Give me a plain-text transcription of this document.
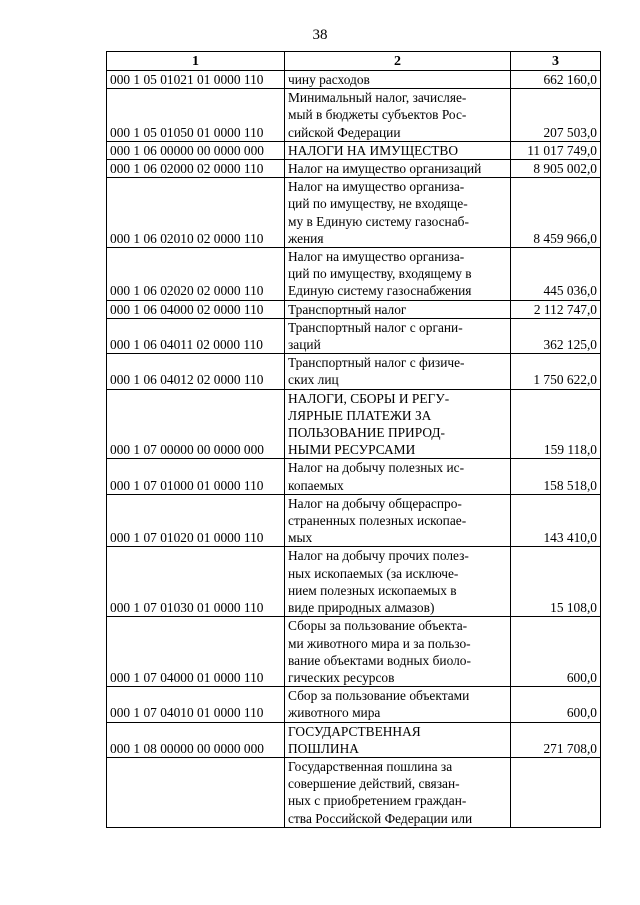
38
1	2	3
000 1 05 01021 01 0000 110	чину расходов	662 160,0
000 1 05 01050 01 0000 110	Минимальный налог, зачисляе-
мый в бюджеты субъектов Рос-
сийской Федерации	207 503,0
000 1 06 00000 00 0000 000	НАЛОГИ НА ИМУЩЕСТВО	11 017 749,0
000 1 06 02000 02 0000 110	Налог на имущество организаций	8 905 002,0
000 1 06 02010 02 0000 110	Налог на имущество организа-
ций по имуществу, не входяще-
му в Единую систему газоснаб-
жения	8 459 966,0
000 1 06 02020 02 0000 110	Налог на имущество организа-
ций по имуществу, входящему в
Единую систему газоснабжения	445 036,0
000 1 06 04000 02 0000 110	Транспортный налог	2 112 747,0
000 1 06 04011 02 0000 110	Транспортный налог с органи-
заций	362 125,0
000 1 06 04012 02 0000 110	Транспортный налог с физиче-
ских лиц	1 750 622,0
000 1 07 00000 00 0000 000	НАЛОГИ, СБОРЫ И РЕГУ-
ЛЯРНЫЕ ПЛАТЕЖИ ЗА
ПОЛЬЗОВАНИЕ ПРИРОД-
НЫМИ РЕСУРСАМИ	159 118,0
000 1 07 01000 01 0000 110	Налог на добычу полезных ис-
копаемых	158 518,0
000 1 07 01020 01 0000 110	Налог на добычу общераспро-
страненных полезных ископае-
мых	143 410,0
000 1 07 01030 01 0000 110	Налог на добычу прочих полез-
ных ископаемых (за исключе-
нием полезных ископаемых в
виде природных алмазов)	15 108,0
000 1 07 04000 01 0000 110	Сборы за пользование объекта-
ми животного мира и за пользо-
вание объектами водных биоло-
гических ресурсов	600,0
000 1 07 04010 01 0000 110	Сбор за пользование объектами
животного мира	600,0
000 1 08 00000 00 0000 000	ГОСУДАРСТВЕННАЯ
ПОШЛИНА	271 708,0
	Государственная пошлина за
совершение действий, связан-
ных с приобретением граждан-
ства Российской Федерации или	
